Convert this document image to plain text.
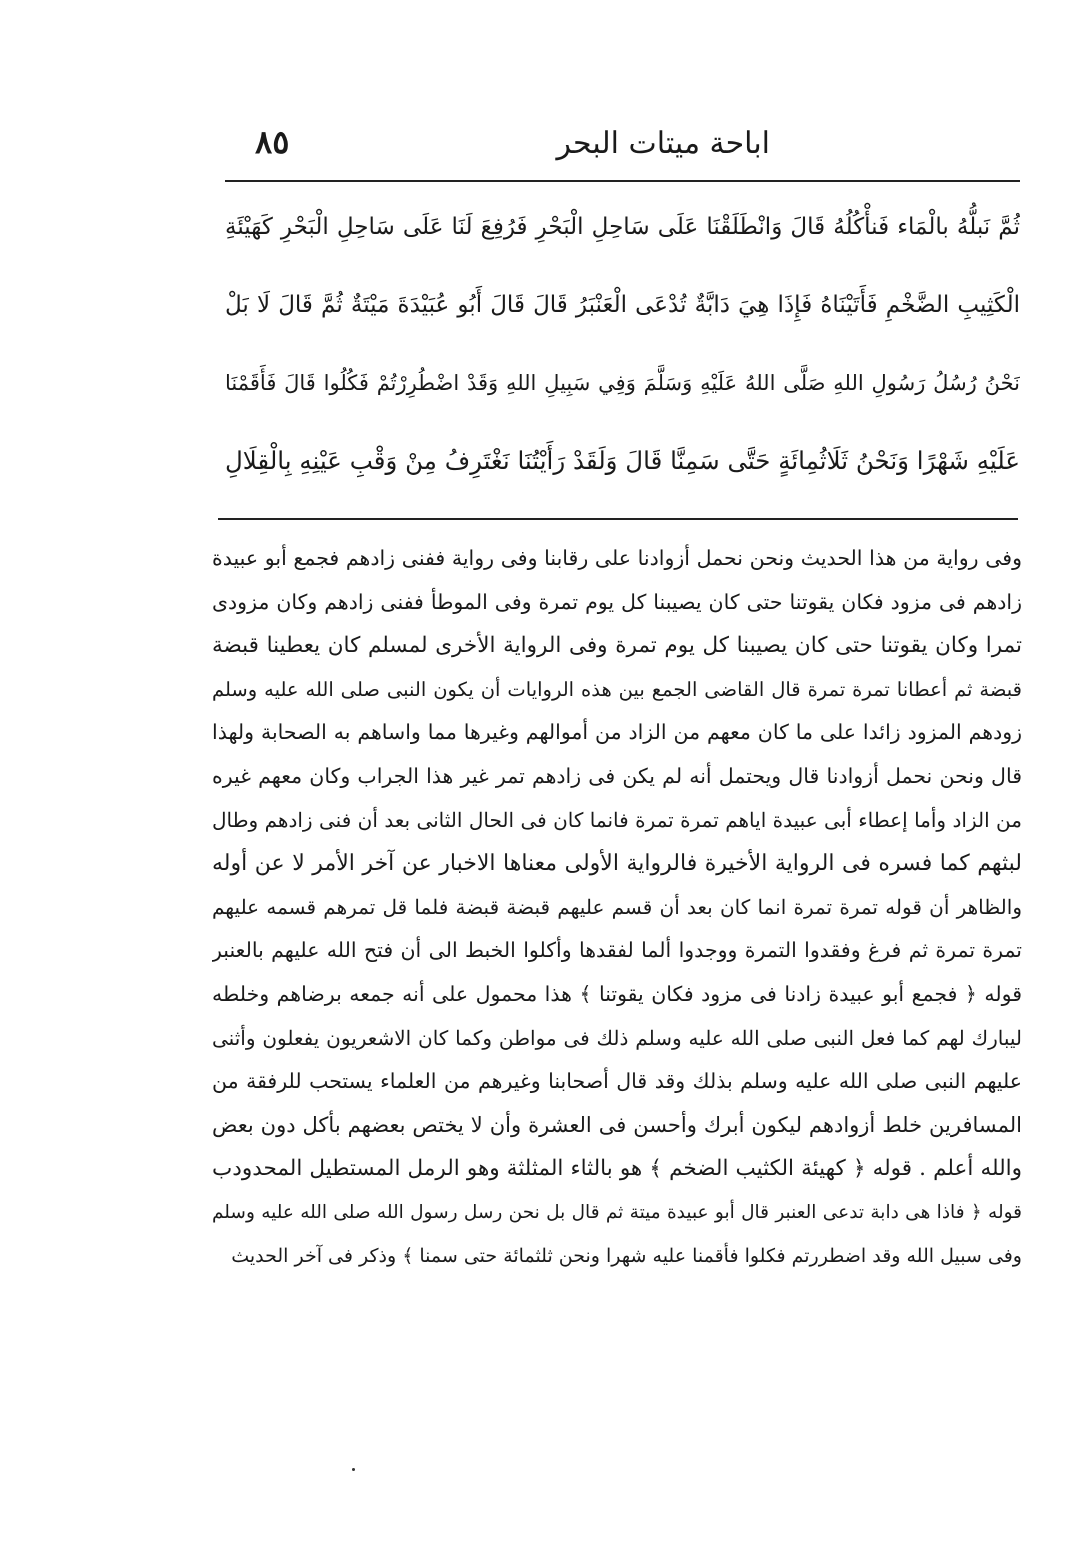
اباحة ميتات البحر
٨٥
ثُمَّ نَبلُّهُ بالْمَاء فَنأْكُلُهُ قَالَ وَانْطَلَقْنَا عَلَى سَاحِلِ الْبَحْرِ فَرُفِعَ لَنَا عَلَى سَاحِلِ الْبَحْرِ كَهَيْئَةِ
الْكَثِيبِ الضَّخْمِ فَأَتَيْنَاهُ فَإِذَا هِيَ دَابَّةٌ تُدْعَى الْعَنْبَرُ قَالَ قَالَ أَبُو عُبَيْدَةَ مَيْتَةٌ ثُمَّ قَالَ لَا بَلْ
نَحْنُ رُسُلُ رَسُولِ اللهِ صَلَّى اللهُ عَلَيْهِ وَسَلَّمَ وَفِي سَبِيلِ اللهِ وَقَدْ اضْطُرِرْتُمْ فَكُلُوا قَالَ فَأَقَمْنَا
عَلَيْهِ شَهْرًا وَنَحْنُ ثَلَاثُمِائَةٍ حَتَّى سَمِنَّا قَالَ وَلَقَدْ رَأَيْتُنَا نَغْتَرِفُ مِنْ وَقْبِ عَيْنِهِ بِالْقِلَالِ
وفى رواية من هذا الحديث ونحن نحمل أزوادنا على رقابنا وفى رواية ففنى زادهم فجمع أبو عبيدة
زادهم فى مزود فكان يقوتنا حتى كان يصيبنا كل يوم تمرة وفى الموطأ ففنى زادهم وكان مزودى
تمرا وكان يقوتنا حتى كان يصيبنا كل يوم تمرة وفى الرواية الأخرى لمسلم كان يعطينا قبضة
قبضة ثم أعطانا تمرة تمرة قال القاضى الجمع بين هذه الروايات أن يكون النبى صلى الله عليه وسلم
زودهم المزود زائدا على ما كان معهم من الزاد من أموالهم وغيرها مما واساهم به الصحابة ولهذا
قال ونحن نحمل أزوادنا قال ويحتمل أنه لم يكن فى زادهم تمر غير هذا الجراب وكان معهم غيره
من الزاد وأما إعطاء أبى عبيدة اياهم تمرة تمرة فانما كان فى الحال الثانى بعد أن فنى زادهم وطال
لبثهم كما فسره فى الرواية الأخيرة فالرواية الأولى معناها الاخبار عن آخر الأمر لا عن أوله
والظاهر أن قوله تمرة تمرة انما كان بعد أن قسم عليهم قبضة قبضة فلما قل تمرهم قسمه عليهم
تمرة تمرة ثم فرغ وفقدوا التمرة ووجدوا ألما لفقدها وأكلوا الخبط الى أن فتح الله عليهم بالعنبر
قوله ﴿ فجمع أبو عبيدة زادنا فى مزود فكان يقوتنا ﴾ هذا محمول على أنه جمعه برضاهم وخلطه
ليبارك لهم كما فعل النبى صلى الله عليه وسلم ذلك فى مواطن وكما كان الاشعريون يفعلون وأثنى
عليهم النبى صلى الله عليه وسلم بذلك وقد قال أصحابنا وغيرهم من العلماء يستحب للرفقة من
المسافرين خلط أزوادهم ليكون أبرك وأحسن فى العشرة وأن لا يختص بعضهم بأكل دون بعض
والله أعلم . قوله ﴿ كهيئة الكثيب الضخم ﴾ هو بالثاء المثلثة وهو الرمل المستطيل المحدودب
قوله ﴿ فاذا هى دابة تدعى العنبر قال أبو عبيدة ميتة ثم قال بل نحن رسل رسول الله صلى الله عليه وسلم
وفى سبيل الله وقد اضطررتم فكلوا فأقمنا عليه شهرا ونحن ثلثمائة حتى سمنا ﴾ وذكر فى آخر الحديث
